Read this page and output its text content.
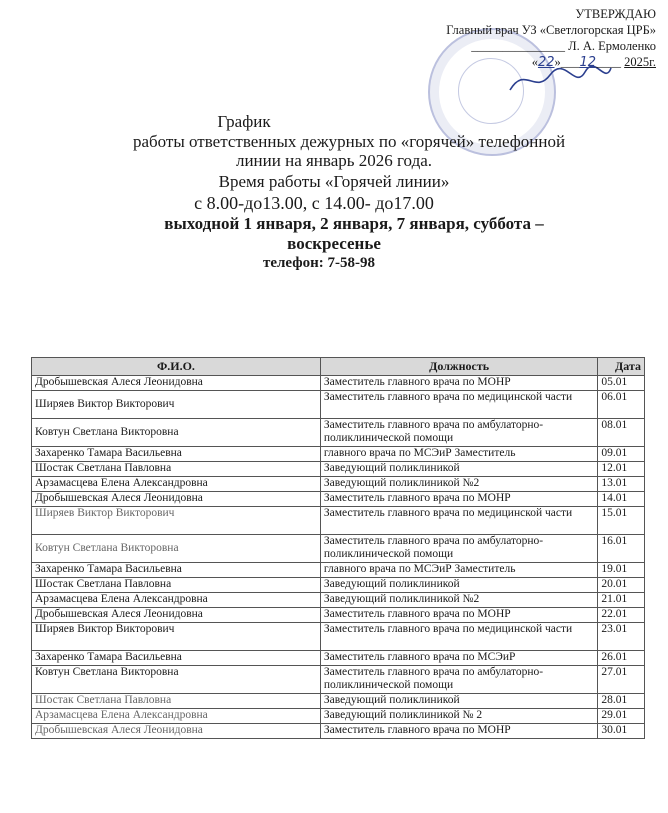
УТВЕРЖДАЮ
Главный врач УЗ «Светлогорская ЦРБ»
_______________ Л. А. Ермоленко
«22»___12____ 2025г.
График
работы ответственных дежурных по «горячей» телефонной
линии на январь 2026 года.
Время работы «Горячей линии»
с 8.00-до13.00, с 14.00- до17.00
выходной 1 января, 2 января, 7 января, суббота –
воскресенье
телефон: 7-58-98
Ф.И.О.	Должность	Дата
Дробышевская Алеся Леонидовна	Заместитель главного врача по МОНР	05.01
Ширяев Виктор Викторович	Заместитель главного врача по медицинской части	06.01
Ковтун Светлана Викторовна	Заместитель главного врача по амбулаторно-поликлинической помощи	08.01
Захаренко Тамара Васильевна	главного врача по МСЭиР Заместитель	09.01
Шостак Светлана Павловна	Заведующий поликлиникой	12.01
Арзамасцева Елена Александровна	Заведующий поликлиникой №2	13.01
Дробышевская Алеся Леонидовна	Заместитель главного врача по МОНР	14.01
Ширяев Виктор Викторович	Заместитель главного врача по медицинской части	15.01
Ковтун Светлана Викторовна	Заместитель главного врача по амбулаторно-поликлинической помощи	16.01
Захаренко Тамара Васильевна	главного врача по МСЭиР Заместитель	19.01
Шостак Светлана Павловна	Заведующий поликлиникой	20.01
Арзамасцева Елена Александровна	Заведующий поликлиникой №2	21.01
Дробышевская Алеся Леонидовна	Заместитель главного врача по МОНР	22.01
Ширяев Виктор Викторович	Заместитель главного врача по медицинской части	23.01
Захаренко Тамара Васильевна	Заместитель главного врача по МСЭиР	26.01
Ковтун Светлана Викторовна	Заместитель главного врача по амбулаторно-поликлинической помощи	27.01
Шостак Светлана Павловна	Заведующий поликлиникой	28.01
Арзамасцева Елена Александровна	Заведующий поликлиникой № 2	29.01
Дробышевская Алеся Леонидовна	Заместитель главного врача по МОНР	30.01
